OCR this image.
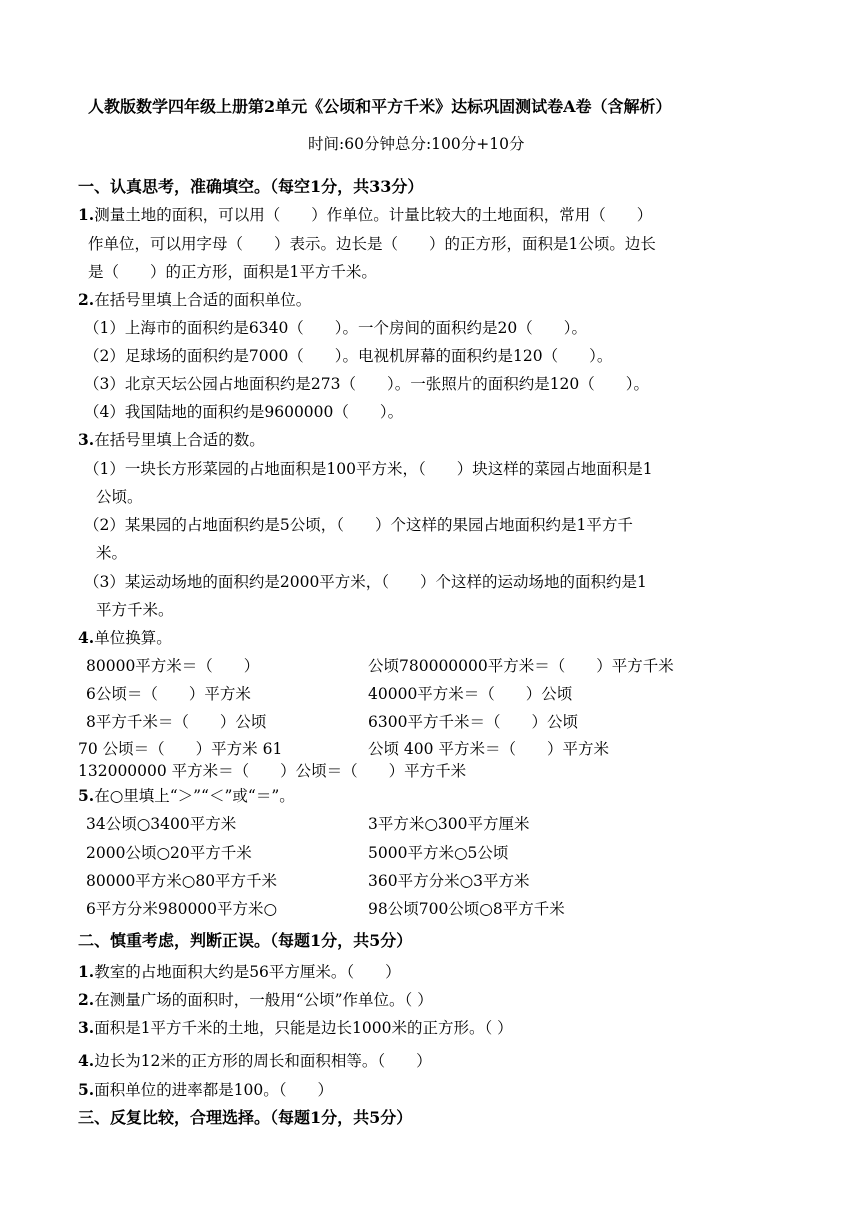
人教版数学四年级上册第2单元《公顷和平方千米》达标巩固测试卷A卷（含解析）
时间:60分钟总分:100分+10分
一、认真思考，准确填空。（每空1分，共33分）
1.测量土地的面积，可以用（　　）作单位。计量比较大的土地面积，常用（　　）
作单位，可以用字母（　　）表示。边长是（　　）的正方形，面积是1公顷。边长
是（　　）的正方形，面积是1平方千米。
2.在括号里填上合适的面积单位。
（1）上海市的面积约是6340（　　）。一个房间的面积约是20（　　）。
（2）足球场的面积约是7000（　　）。电视机屏幕的面积约是120（　　）。
（3）北京天坛公园占地面积约是273（　　）。一张照片的面积约是120（　　）。
（4）我国陆地的面积约是9600000（　　）。
3.在括号里填上合适的数。
（1）一块长方形菜园的占地面积是100平方米，（　　）块这样的菜园占地面积是1
公顷。
（2）某果园的占地面积约是5公顷，（　　）个这样的果园占地面积约是1平方千
米。
（3）某运动场地的面积约是2000平方米，（　　）个这样的运动场地的面积约是1
平方千米。
4.单位换算。
80000平方米＝（　　）	公顷780000000平方米＝（　　）平方千米
6公顷＝（　　）平方米	40000平方米＝（　　）公顷
8平方千米＝（　　）公顷	6300平方千米＝（　　）公顷
70 公顷＝（　　）平方米 61	公顷 400 平方米＝（　　）平方米
132000000 平方米＝（　　）公顷＝（　　）平方千米
5.在○里填上“＞”“＜”或“＝”。
34公顷○3400平方米	3平方米○300平方厘米
2000公顷○20平方千米	5000平方米○5公顷
80000平方米○80平方千米	360平方分米○3平方米
6平方分米980000平方米○	98公顷700公顷○8平方千米
二、慎重考虑，判断正误。（每题1分，共5分）
1.教室的占地面积大约是56平方厘米。（　　）
2.在测量广场的面积时，一般用“公顷”作单位。（ ）
3.面积是1平方千米的土地，只能是边长1000米的正方形。（ ）
4.边长为12米的正方形的周长和面积相等。（　　）
5.面积单位的进率都是100。（　　）
三、反复比较，合理选择。（每题1分，共5分）
